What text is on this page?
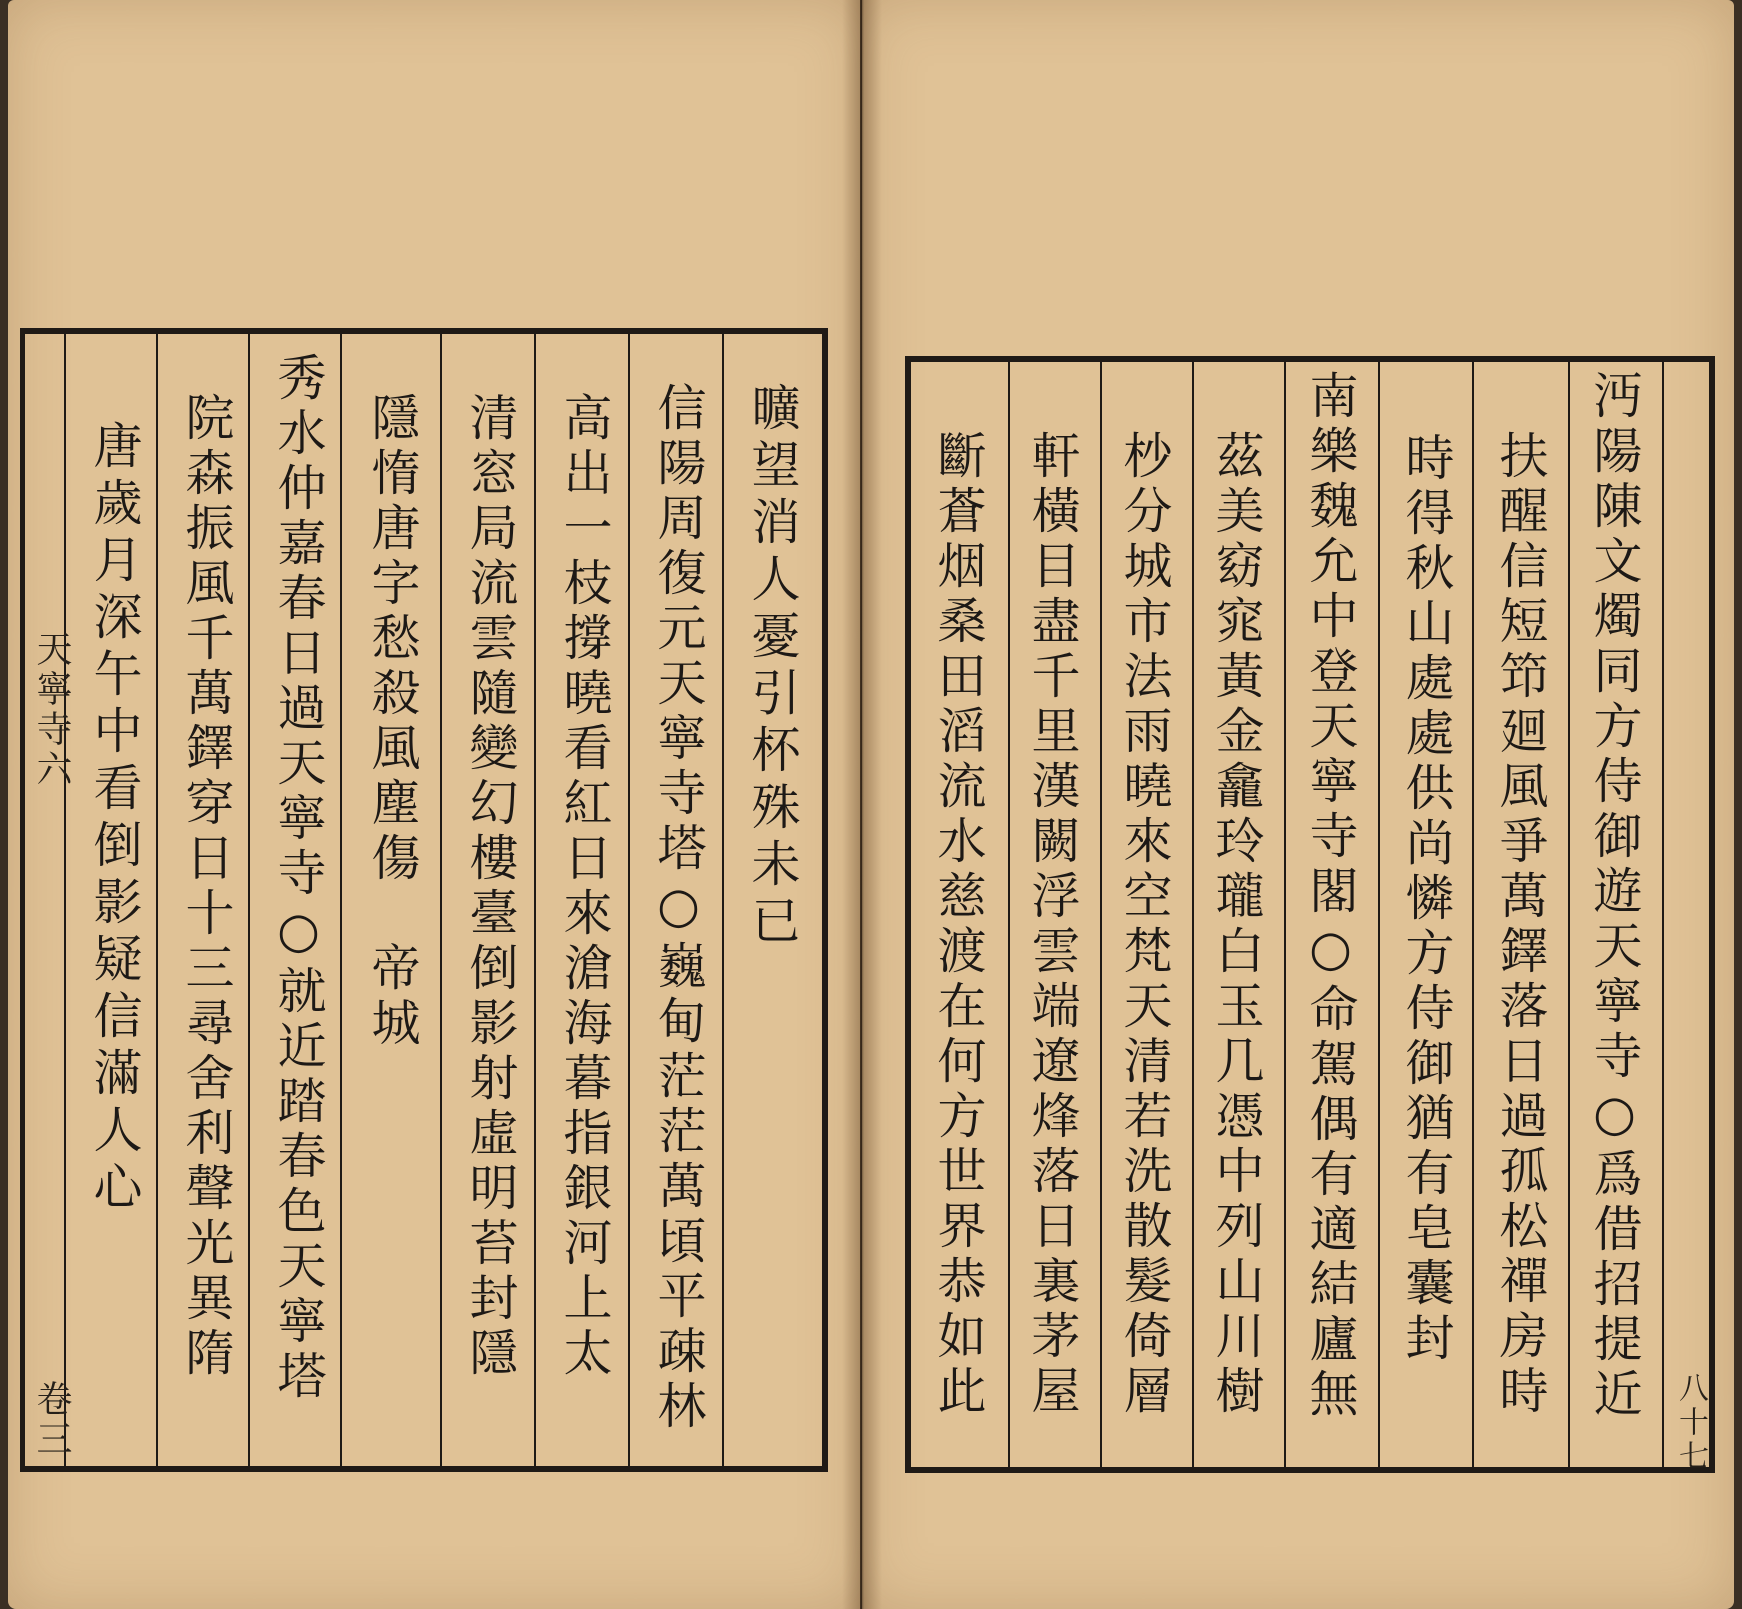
曠望消人憂引杯殊未已
信陽周復元天寧寺塔○巍甸茫茫萬頃平疎林
高出一枝撐曉看紅日來滄海暮指銀河上太
清窓局流雲隨變幻樓臺倒影射虛明苔封隱
隱惰唐字愁殺風塵傷　帝城
秀水仲嘉春日過天寧寺○就近踏春色天寧塔
院森振風千萬鐸穿日十三尋舍利聲光異隋
唐歲月深午中看倒影疑信滿人心
天寧寺六
卷三	沔陽陳文燭同方侍御遊天寧寺○爲借招提近
扶醒信短笻廻風爭萬鐸落日過孤松禪房時
時得秋山處處供尚憐方侍御猶有皂囊封
南樂魏允中登天寧寺閣○命駕偶有適結廬無
茲美窈窕黃金龕玲瓏白玉几憑中列山川樹
杪分城市法雨曉來空梵天清若洗散髮倚層
軒橫目盡千里漢闕浮雲端遼烽落日裏茅屋
斷蒼烟桑田滔流水慈渡在何方世界恭如此
八十七
